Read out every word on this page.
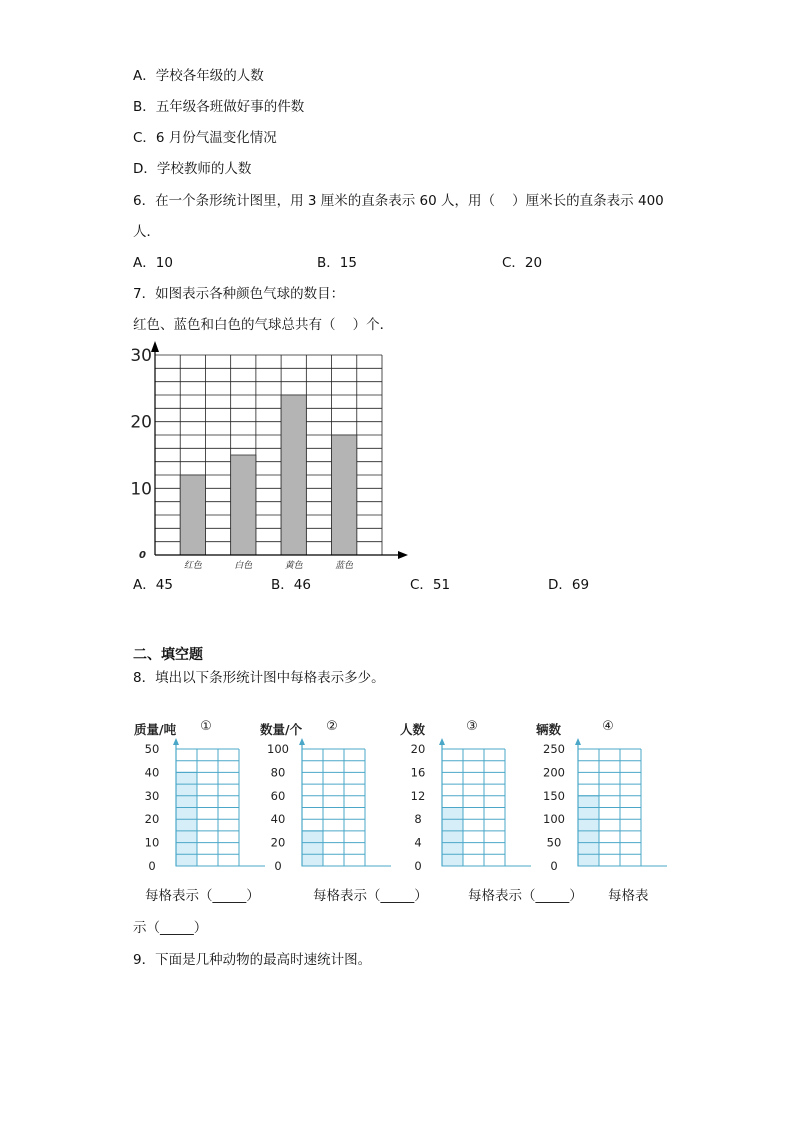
A．学校各年级的人数
B．五年级各班做好事的件数
C．6 月份气温变化情况
D．学校教师的人数
6．在一个条形统计图里，用 3 厘米的直条表示 60 人，用（    ）厘米长的直条表示 400
人．
A．10	B．15	C．20
7．如图表示各种颜色气球的数目：
红色、蓝色和白色的气球总共有（    ）个．
红色	白色	黄色	蓝色
0
10
20
30
A．45	B．46	C．51	D．69
二、填空题
8．填出以下条形统计图中每格表示多少。
0
10
20
30
40
50
质量/吨 ①
0
20
40
60
80
100
数量/个 ②
0
4
8
12
16
20
人数	③
0
50
100
150
200
250
辆数	④
每格表示（_____）	每格表示（_____）	每格表示（_____） 每格表
示（_____）
9．下面是几种动物的最高时速统计图。
